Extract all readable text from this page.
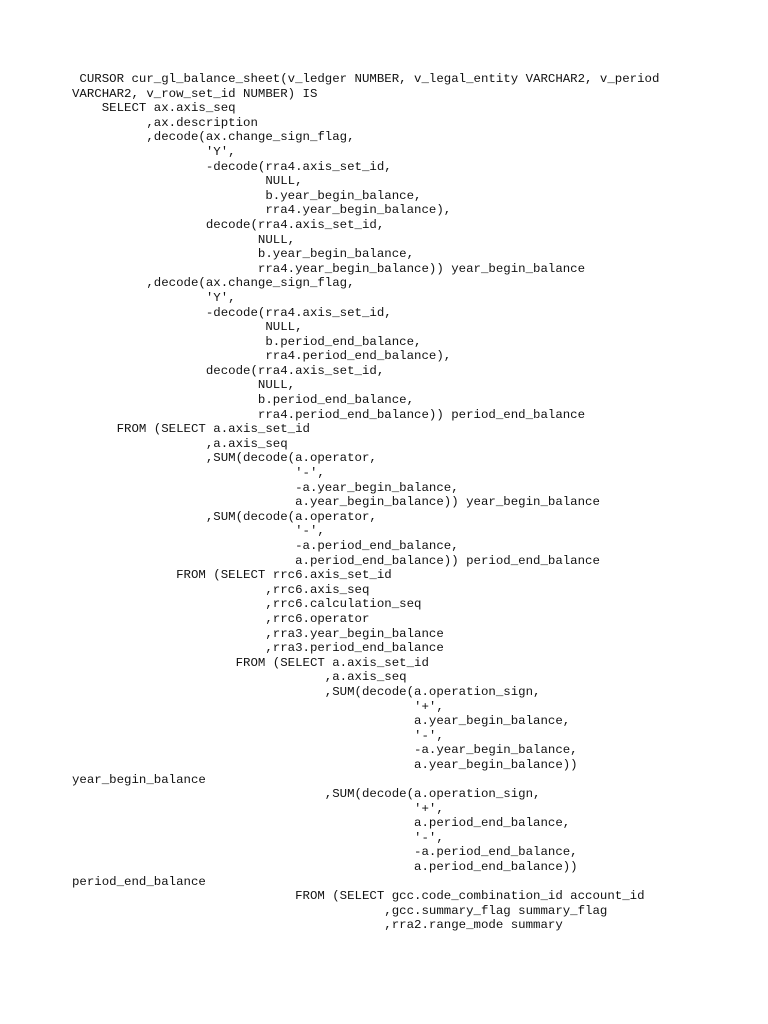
CURSOR cur_gl_balance_sheet(v_ledger NUMBER, v_legal_entity VARCHAR2, v_period
VARCHAR2, v_row_set_id NUMBER) IS
SELECT ax.axis_seq
,ax.description
,decode(ax.change_sign_flag,
'Y',
-decode(rra4.axis_set_id,
NULL,
b.year_begin_balance,
rra4.year_begin_balance),
decode(rra4.axis_set_id,
NULL,
b.year_begin_balance,
rra4.year_begin_balance)) year_begin_balance
,decode(ax.change_sign_flag,
'Y',
-decode(rra4.axis_set_id,
NULL,
b.period_end_balance,
rra4.period_end_balance),
decode(rra4.axis_set_id,
NULL,
b.period_end_balance,
rra4.period_end_balance)) period_end_balance
FROM (SELECT a.axis_set_id
,a.axis_seq
,SUM(decode(a.operator,
'-',
-a.year_begin_balance,
a.year_begin_balance)) year_begin_balance
,SUM(decode(a.operator,
'-',
-a.period_end_balance,
a.period_end_balance)) period_end_balance
FROM (SELECT rrc6.axis_set_id
,rrc6.axis_seq
,rrc6.calculation_seq
,rrc6.operator
,rra3.year_begin_balance
,rra3.period_end_balance
FROM (SELECT a.axis_set_id
,a.axis_seq
,SUM(decode(a.operation_sign,
'+',
a.year_begin_balance,
'-',
-a.year_begin_balance,
a.year_begin_balance))
year_begin_balance
,SUM(decode(a.operation_sign,
'+',
a.period_end_balance,
'-',
-a.period_end_balance,
a.period_end_balance))
period_end_balance
FROM (SELECT gcc.code_combination_id account_id
,gcc.summary_flag summary_flag
,rra2.range_mode summary
